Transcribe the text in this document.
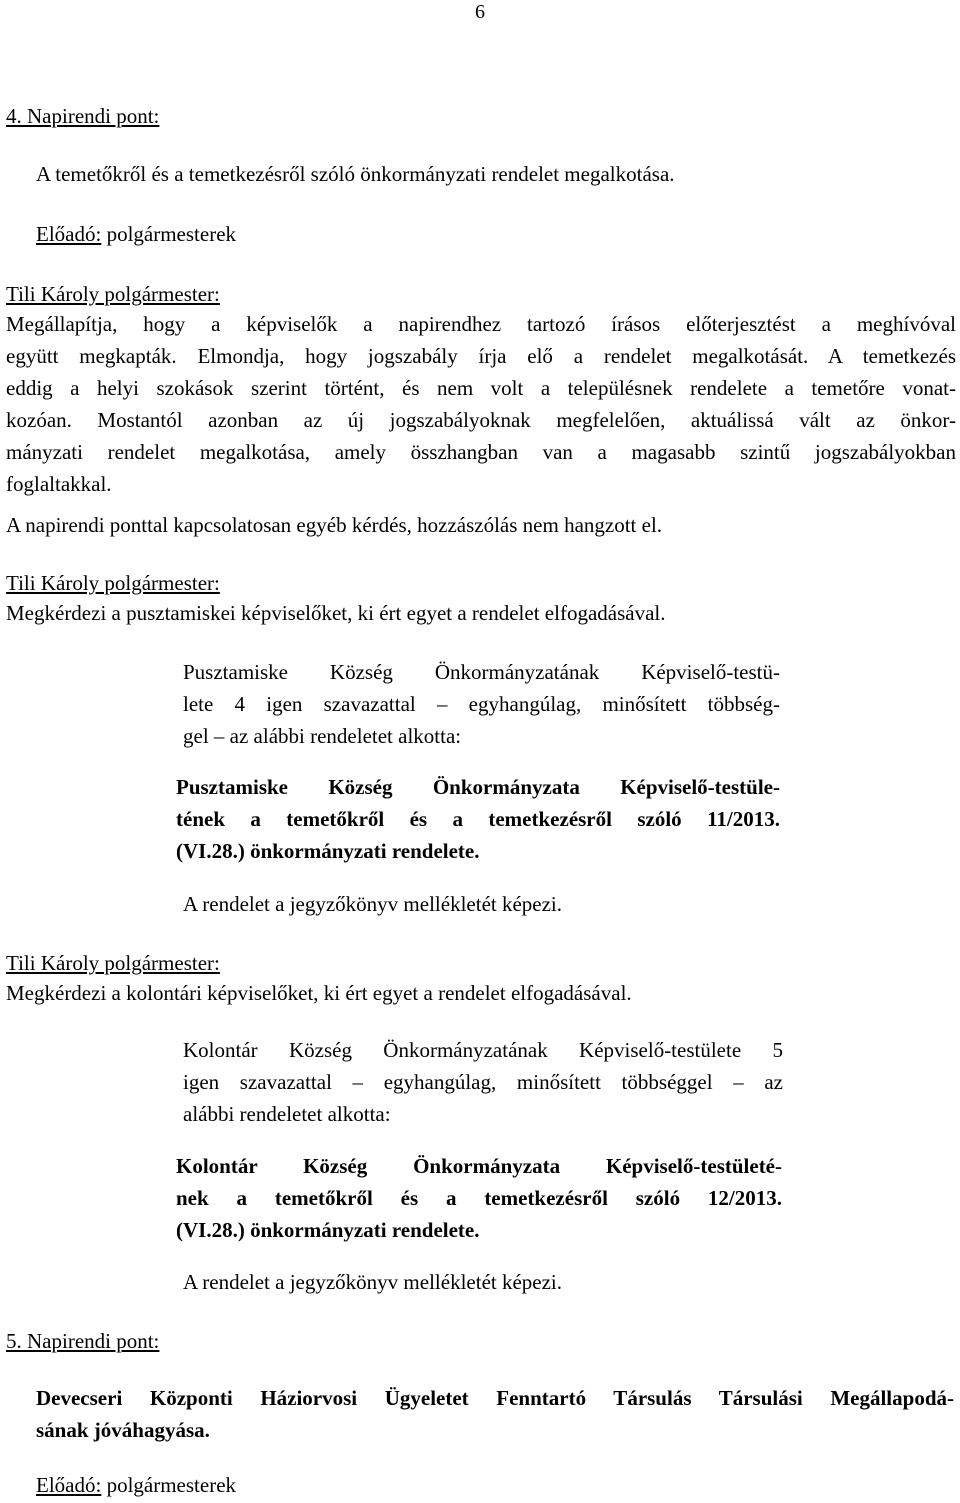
6
4. Napirendi pont:
A temetőkről és a temetkezésről szóló önkormányzati rendelet megalkotása.
Előadó: polgármesterek
Tili Károly polgármester:
Megállapítja, hogy a képviselők a napirendhez tartozó írásos előterjesztést a meghívóval
együtt megkapták. Elmondja, hogy jogszabály írja elő a rendelet megalkotását. A temetkezés
eddig a helyi szokások szerint történt, és nem volt a településnek rendelete a temetőre vonat-
kozóan. Mostantól azonban az új jogszabályoknak megfelelően, aktuálissá vált az önkor-
mányzati rendelet megalkotása, amely összhangban van a magasabb szintű jogszabályokban
foglaltakkal.
A napirendi ponttal kapcsolatosan egyéb kérdés, hozzászólás nem hangzott el.
Tili Károly polgármester:
Megkérdezi a pusztamiskei képviselőket, ki ért egyet a rendelet elfogadásával.
Pusztamiske Község Önkormányzatának Képviselő-testü-
lete 4 igen szavazattal – egyhangúlag, minősített többség-
gel – az alábbi rendeletet alkotta:
Pusztamiske Község Önkormányzata Képviselő-testüle-
tének a temetőkről és a temetkezésről szóló 11/2013.
(VI.28.) önkormányzati rendelete.
A rendelet a jegyzőkönyv mellékletét képezi.
Tili Károly polgármester:
Megkérdezi a kolontári képviselőket, ki ért egyet a rendelet elfogadásával.
Kolontár Község Önkormányzatának Képviselő-testülete 5
igen szavazattal – egyhangúlag, minősített többséggel – az
alábbi rendeletet alkotta:
Kolontár Község Önkormányzata Képviselő-testületé-
nek a temetőkről és a temetkezésről szóló 12/2013.
(VI.28.) önkormányzati rendelete.
A rendelet a jegyzőkönyv mellékletét képezi.
5. Napirendi pont:
Devecseri Központi Háziorvosi Ügyeletet Fenntartó Társulás Társulási Megállapodá-
sának jóváhagyása.
Előadó: polgármesterek
